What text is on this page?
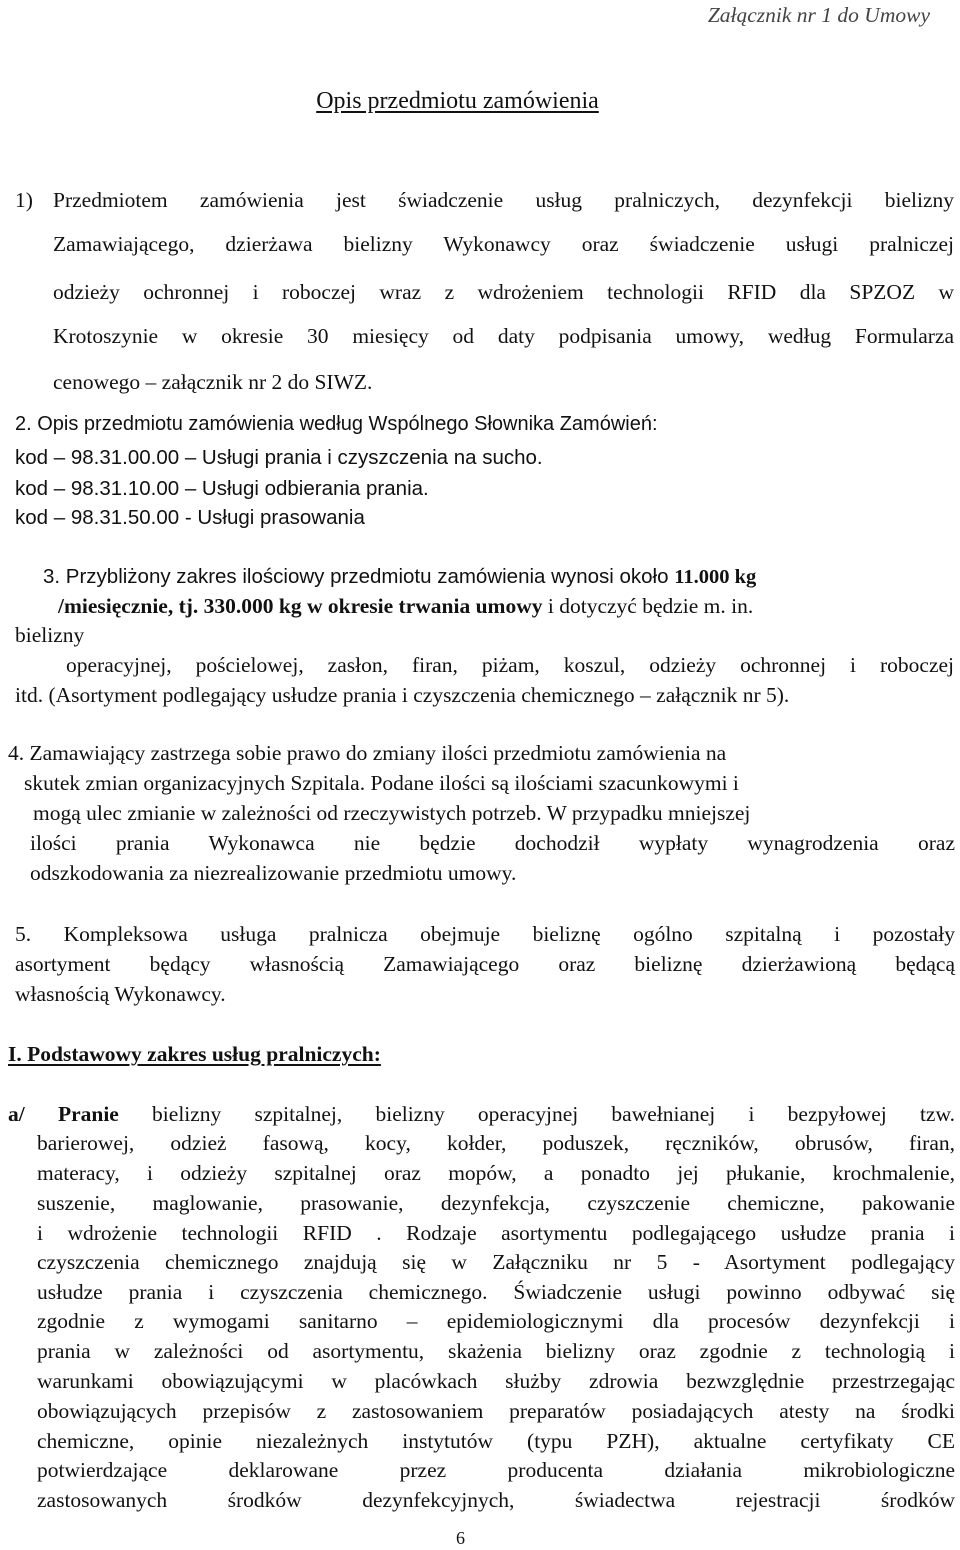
Załącznik nr 1 do Umowy
Opis przedmiotu zamówienia
1) Przedmiotem zamówienia jest świadczenie usług pralniczych, dezynfekcji bielizny
Zamawiającego, dzierżawa bielizny Wykonawcy oraz świadczenie usługi pralniczej
odzieży ochronnej i roboczej wraz z wdrożeniem technologii RFID dla SPZOZ w
Krotoszynie w okresie 30 miesięcy od daty podpisania umowy, według Formularza
cenowego – załącznik nr 2 do SIWZ.
2. Opis przedmiotu zamówienia według Wspólnego Słownika Zamówień:
kod – 98.31.00.00 – Usługi prania i czyszczenia na sucho.
kod – 98.31.10.00 – Usługi odbierania prania.
kod – 98.31.50.00 - Usługi prasowania
3. Przybliżony zakres ilościowy przedmiotu zamówienia wynosi około 11.000 kg
/miesięcznie, tj. 330.000 kg w okresie trwania umowy i dotyczyć będzie m. in.
bielizny
operacyjnej, pościelowej, zasłon, firan, piżam, koszul, odzieży ochronnej i roboczej
itd. (Asortyment podlegający usłudze prania i czyszczenia chemicznego – załącznik nr 5).
4. Zamawiający zastrzega sobie prawo do zmiany ilości przedmiotu zamówienia na
skutek zmian organizacyjnych Szpitala. Podane ilości są ilościami szacunkowymi i
mogą ulec zmianie w zależności od rzeczywistych potrzeb. W przypadku mniejszej
ilości prania Wykonawca nie będzie dochodził wypłaty wynagrodzenia oraz
odszkodowania za niezrealizowanie przedmiotu umowy.
5. Kompleksowa usługa pralnicza obejmuje bieliznę ogólno szpitalną i pozostały
asortyment będący własnością Zamawiającego oraz bieliznę dzierżawioną będącą
własnością Wykonawcy.
I. Podstawowy zakres usług pralniczych:
a/ Pranie bielizny szpitalnej, bielizny operacyjnej bawełnianej i bezpyłowej tzw.
barierowej, odzież fasową, kocy, kołder, poduszek, ręczników, obrusów, firan,
materacy, i odzieży szpitalnej oraz mopów, a ponadto jej płukanie, krochmalenie,
suszenie, maglowanie, prasowanie, dezynfekcja, czyszczenie chemiczne, pakowanie
i wdrożenie technologii RFID . Rodzaje asortymentu podlegającego usłudze prania i
czyszczenia chemicznego znajdują się w Załączniku nr 5 - Asortyment podlegający
usłudze prania i czyszczenia chemicznego. Świadczenie usługi powinno odbywać się
zgodnie z wymogami sanitarno – epidemiologicznymi dla procesów dezynfekcji i
prania w zależności od asortymentu, skażenia bielizny oraz zgodnie z technologią i
warunkami obowiązującymi w placówkach służby zdrowia bezwzględnie przestrzegając
obowiązujących przepisów z zastosowaniem preparatów posiadających atesty na środki
chemiczne, opinie niezależnych instytutów (typu PZH), aktualne certyfikaty CE
potwierdzające deklarowane przez producenta działania mikrobiologiczne
zastosowanych środków dezynfekcyjnych, świadectwa rejestracji środków
6
